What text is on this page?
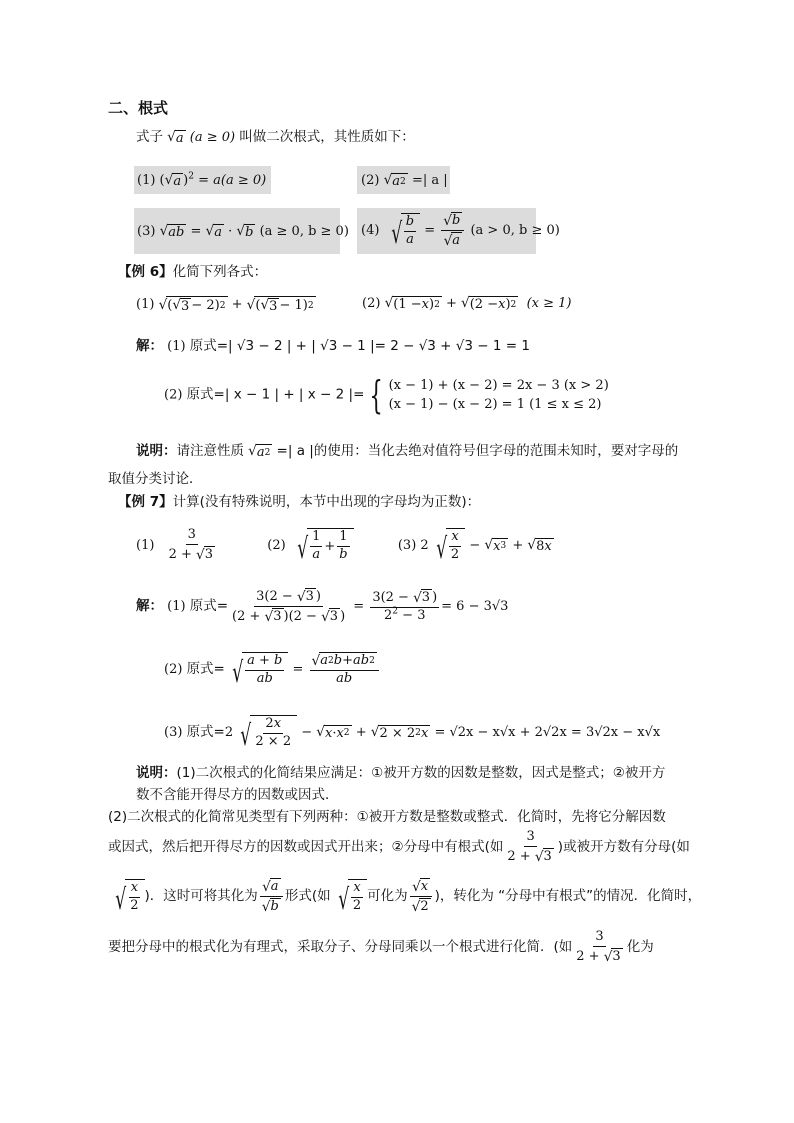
二、根式
式子 √ a (a ≥ 0) 叫做二次根式，其性质如下：
(1) ( √ a )$^2$ = a(a ≥ 0)	(2) √ a 2 =| a |
(3) √ ab = √ a · √ b (a ≥ 0, b ≥ 0) (4) √ $\frac{b}{a} = \frac{√ b}{√ a} (a > 0$, b ≥ 0)
【例 6】化简下列各式：
(1) √ ( √ 3 − 2) 2 + √ ( √ 3 − 1) 2	(2) √ (1 − x ) 2 + √ (2 − x ) 2 (x ≥ 1)
解： (1) 原式=| √3 − 2 | + | √3 − 1 |= 2 − √3 + √3 − 1 = 1
(2) 原式=| x − 1 | + | x − 2 |= { (x − 1) + (x − 2) = 2x − 3 (x > 2)
(x − 1) − (x − 2) = 1 (1 ≤ x ≤ 2)
说明：请注意性质 √ a 2 =| a |的使用：当化去绝对值符号但字母的范围未知时，要对字母的
取值分类讨论．
【例 7】计算(没有特殊说明，本节中出现的字母均为正数)：
$(1) \frac{3}{2 + √ 3}$	(2) √ $\frac{1}{a} + \frac{1}{b}$	(3) 2 √ $\frac{x}{2}$ − √ x 3 + √ 8 x
解： (1) 原式= $\frac{3(2 - √ 3 )}{(2 + √ 3 )(2 - √ 3 )} = \frac{3(2 - √ 3 )}{2^2 - 3} = 6 - 3√3$
(2) 原式= √ $\frac{a + b}{ab} = \frac{√ a 2 b + ab 2}{ab}$
(3) 原式=2 √ $\frac{2x}{2 \times 2}$ − √ x · x 2 + √ 2 × 2 2 x = √2x − x√x + 2√2x = 3√2x − x√x
说明：(1)二次根式的化简结果应满足：①被开方数的因数是整数，因式是整式；②被开方
数不含能开得尽方的因数或因式．
(2)二次根式的化简常见类型有下列两种：①被开方数是整数或整式．化简时，先将它分解因数
或因式，然后把开得尽方的因数或因式开出来；②分母中有根式(如 $\frac{3}{2 + √ 3}$ )或被开方数有分母(如
√ $\frac{x}{2}$ )．这时可将其化为 $\frac{√ a}{√ b}$ 形式(如 √ $\frac{x}{2}$ 可化为 $\frac{√ x}{√ 2}$ )，转化为 “分母中有根式”的情况．化简时，
要把分母中的根式化为有理式，采取分子、分母同乘以一个根式进行化简．(如 $\frac{3}{2 + √ 3}$ 化为
